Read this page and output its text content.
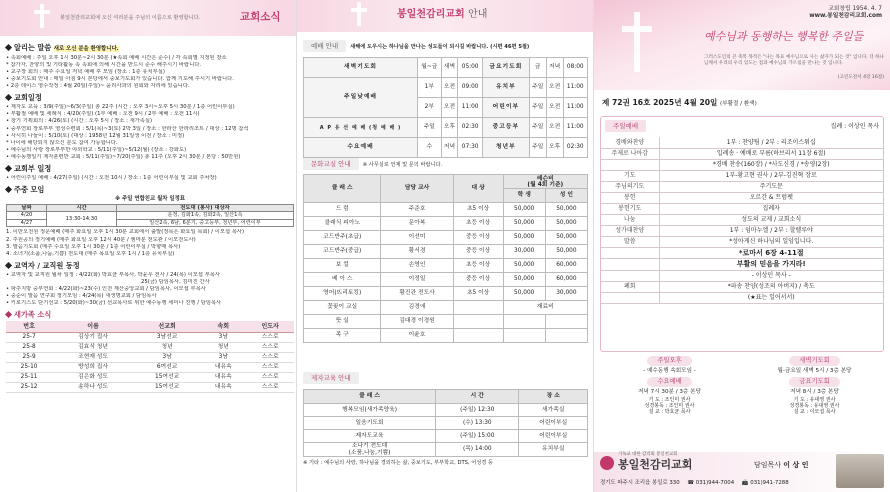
봉일천감리교회에 오신 여러분을 주님의 이름으로 환영합니다.	교회소식
알리는 말씀 새로 오신 분을 환영합니다.
• 속회예배 : 주일 오후 1시 30분~2시 30분 (★속회 예배 시간은 준수) / 각 속회별 지정된 장소
* 참가자, 찬양의 및 기타활동 속 속회에 의해 시간을 반드시 준수 해주시기 바랍니다.
• 교구장 회의 : 매주 수요일 저녁 예배 후 모임 (장소 : 1층 유치부실)
• 중보기도회 안내 : 매일 아침 9시 본당에서 중보기도회가 있습니다. 함께 기도해 주시기 바랍니다.
• 2층 테이스 영수작정 : 4월 20일(주일)~ 윤리사과의 원회와 자리에 있습니다.
교회일정
• 제자도 교육 : 3/9(주일)~6/3(주일) 총 22주 (시간 : 오후 3시~오후 5시 30분 / 1층 어린이부실)
• 부활절 예배 및 세례식 : 4/20(주일) (1부 예배 : 오전 9시 / 2부 예배 : 오전 11시)
• 창기 기획회의 : 4/26(토) (시간 : 오후 5시 / 장소 : 새가족실)
• 중부연회 장로부부 영성수련회 : 5/1(목)~3(토) 2박 3일 / 장소 : 한라산 한라리조트 / 대상 : 12명 참석
• 사시히 나들이 : 5/10(토) (대상 : 1958년 12월 31일생 이전 / 장소 : 미정)
* 나이에 해당되지 않으신 분도 참여 가능합니다.
• 예수님의 사랑 장로부부반 야외학교 : 5/11(주일)~5/12(월) (장소 : 강화도)
• 예수동행일기 제자훈련반 교회 : 5/11(주일)~7/20(주일) 총 11주 (오후 2시 30분 / 본당 : 50만원)
교회부 일정
• 어린이주일 예배 : 4/27(주일) (시간 : 오전 10시 / 장소 : 1층 어린이부실 및 교회 주차장)
주중 모임
※ 주일 연합친교 월차 일정표
날짜	시간	전도대 (봉사) 대상자
4/20	13:30-14:30	운정, 김화1속, 김화2속, 일산1속
4/27		일산2속, 6남, 6분기, 중고등부, 청년부, 어린이부
1. 이만오천원 정운예배 (매주 화요일 오후 1시 30분 교회에서 출발(정목은 화요일 목회) / 이모셥 목사)
2. 주원공의 정기예배 (매주 화요일 오후 12시 40분 / 엠마분 전도관 / 이모전도사)
3. 말음기도회 (매주 수요일 오후 1시 30분 / 1층 어린이부실 / 박향매 목사)
4. 소녀기(소품,나눔,기쁨) 전도대 (매주 목요일 오후 1시 / 1층 유치부실)
교역자 / 교직원 동정
• 교역자 및 교직원 월차 일정 : 4/22(화) 박효균 부목사, 박윤우 전사 / 24(목) 이모셥 부목사
25(금) 담임목사, 김미진 간사
• 파주지방 중부연회 : 4/22(화)~23(수) 인천 계산중앙교회 / 담임목사, 이모셥 부목사
• 중순이 말음 연구회 정기모임 : 4/24(목) 새생명교회 / 담임목사
• 키로기스도 단기선교 : 5/20(화)~30(금) 선교목사로 위한 예수동행 세미나 진행 / 담임목사
새가족 소식
번호	이름	선교회	속회	인도자
25-7	김상기 집사	3남선교	3남	스스로
25-8	김효식 청년	청년	청년	스스로
25-9	조현재 성도	3남	3남	스스로
25-10	방성희 집사	6여선교	내유속	스스로
25-11	김은화 성도	15여선교	내유속	스스로
25-12	송하나 성도	15여선교	내유속	스스로
봉일천감리교회 안내
예배 안내	새해에 도우시는 하나님을 만나는 성도들이 되시길 바랍니다. (시편 46편 5절)
새벽기도회	월~금	새벽	05:00	금요기도회	금	저녁	08:00
주일낮예배	1부	오전	09:00	유치부	주일	오전	11:00
	2부	오전	11:00	어린이부	주일	오전	11:00
A P 유 선 예 배 (청 예 배 )	주일	오후	02:30	중고등부	주일	오전	11:00
수요예배	수	저녁	07:30	청년부	주일	오후	02:30
문화교실 안내	※ 사무실로 언제 및 문의 바랍니다.
클 래 스	담당 교사	대 상	레슨비
(월 4회 기준)	
			학 생	성 인
드 럼	주준호	초5 이상	50,000	50,000
클래식 피아노	문아복	초등 이상	50,000	50,000
코드반주(초급)	이선미	중등 이상	50,000	50,000
코드반주(중급)	황서경	중등 이상	30,000	50,000
보 컬	손영인	초등 이상	50,000	60,000
베 이 스	이정일	중등 이상	50,000	60,000
영어(뜨리토킹)	황진관 전도사	초5 이상	50,000	30,000
꽃꽂이 교실	김경애		재료비	
뜻 실	김대경 이경원			
족 구	이윤호			
제자교육 안내
클 래 스	시 간	장 소
행복모임(새가족양육)	(주일) 12:30	새가족실
일음기도회	(수) 13:30	어린이부실
제자도교육	(주일) 15:00	어린이부실
소나기 전도대
(소품,나눔,기쁨)	(목) 14:00	유치부실
※ 기타 : 예수님의 사랑, 하나님을 경외하는 삶, 중보기도, 부부학교, DTS, 어성경 등
교회창립 1954. 4. 7
www.봉일천감리교회.com
예수님과 동행하는 행복한 주일들
그러스도인의 큰 축복 목적은 "나는 목표 예수님으로 사는 삶자가 되는 것" 입니다. 더 하나님께서 우리의 우리 있도는 점과 예수님의 가르침을 만나는 것 입니다.
(고린도전서 4장 16절)
제 72권 16호 2025년 4월 20일 (부활절 / 환색)
주일예배	집례 : 이상인 목사
경배와찬양	1부 : 찬양팀 / 2부 : 리조이스워십
주제로 나아감	입례송 · 예배로 부름(하브리서 11장 6절)
	*경배 찬송(160장) / *사도신경 / *송영(2장)
기도	1부-황고현 권사 / 2부-김진혁 장로
주님의기도	주기도문
봉헌	오르간 & 트럼펫
봉헌기도	집례자
나눔	성도의 교제 / 교회소식
성가대찬양	1부 : 임마누엘 / 2부 : 할렐루야
말씀	*성아게신 하나님의 일임입니다.
	*로마서 6장 4-11절
	부활의 믿음을 가지라!
	- 이상인 목사 -
폐회	*파송 찬양(성조의 아버지) / 축도
	(★표는 일어서서)
주일오후
- 예수동행 속회모임 -
새벽기도회
월-금요일 새벽 5시 / 3층 본당
수요예배
저녁 7시 30분 / 3층 본당
기 도 : 조인미 권사
성경봉독 : 조인미 권사
설 교 : 박효균 목사
금요기도회
저녁 8시 / 3층 본당
기 도 : 유대영 권사
성경봉독 : 유대영 권사
설 교 : 이모셥 목사
기독교 대한 감리회 봉일천교회
봉일천감리교회	담임목사 이 상 인
경기도 파주시 조리읍 봉일로 330 ☎ 031)944-7004 📠 031)941-7288
